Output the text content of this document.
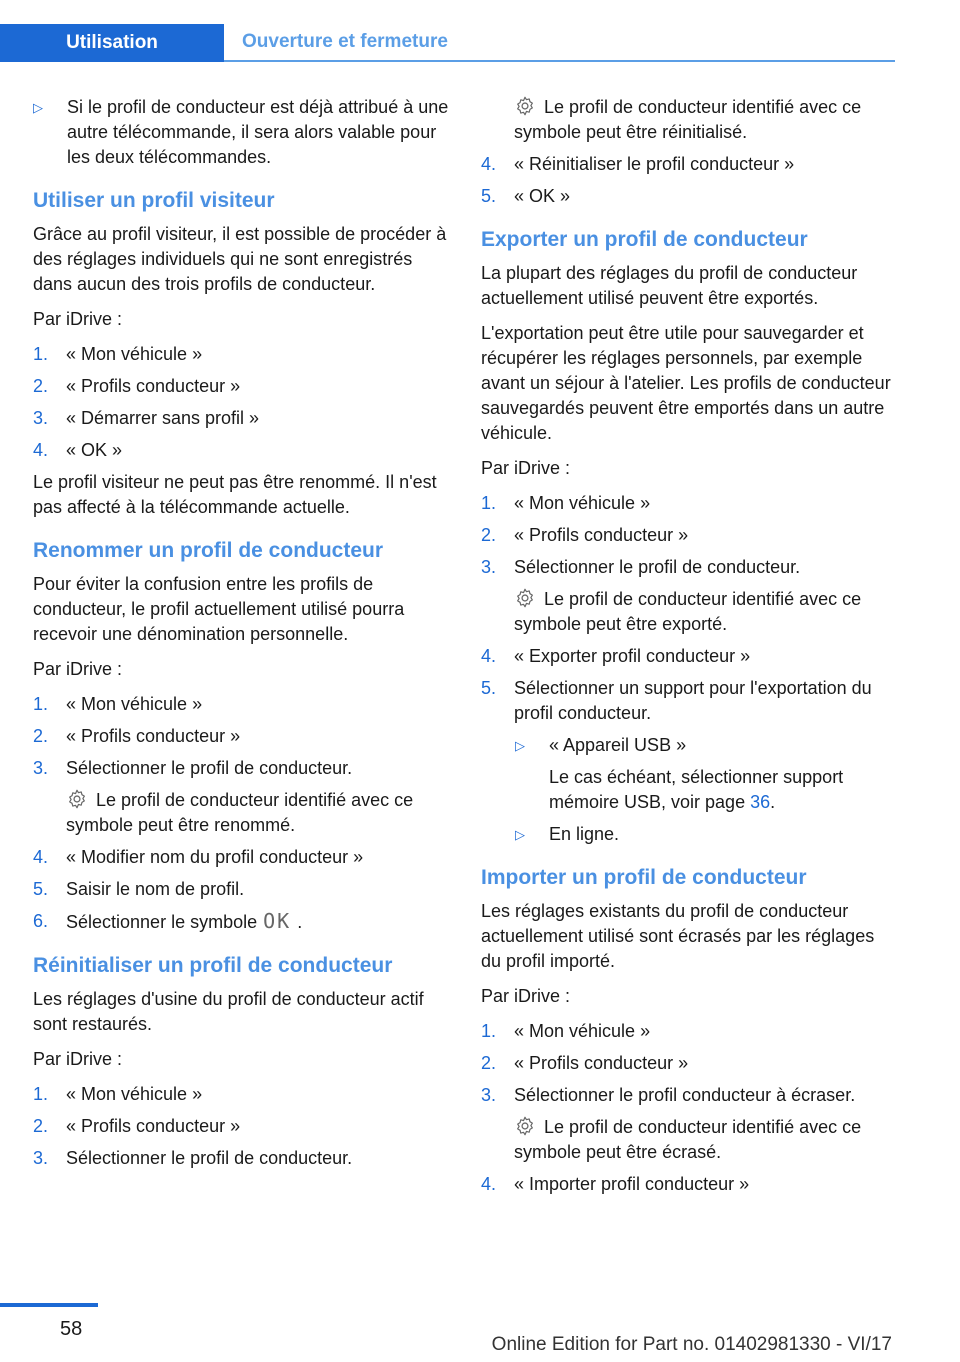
Utilisation	Ouverture et fermeture
▷	Si le profil de conducteur est déjà attribué à une autre télécommande, il sera alors valable pour les deux télécommandes.
Utiliser un profil visiteur

Grâce au profil visiteur, il est possible de procéder à des réglages individuels qui ne sont enregistrés dans aucun des trois profils de conducteur.

Par iDrive :

1. « Mon véhicule »
2. « Profils conducteur »
3. « Démarrer sans profil »
4. « OK »

Le profil visiteur ne peut pas être renommé. Il n'est pas affecté à la télécommande actuelle.

Renommer un profil de conducteur

Pour éviter la confusion entre les profils de conducteur, le profil actuellement utilisé pourra recevoir une dénomination personnelle.

Par iDrive :

1. « Mon véhicule »
2. « Profils conducteur »
3. Sélectionner le profil de conducteur.
Le profil de conducteur identifié avec ce symbole peut être renommé.
4. « Modifier nom du profil conducteur »
5. Saisir le nom de profil.
6. Sélectionner le symbole OK .
Réinitialiser un profil de conducteur

Les réglages d'usine du profil de conducteur actif sont restaurés.

Par iDrive :

1. « Mon véhicule »
2. « Profils conducteur »
3. Sélectionner le profil de conducteur.
Le profil de conducteur identifié avec ce symbole peut être réinitialisé.
4. « Réinitialiser le profil conducteur »
5. « OK »
Exporter un profil de conducteur

La plupart des réglages du profil de conducteur actuellement utilisé peuvent être exportés.

L'exportation peut être utile pour sauvegarder et récupérer les réglages personnels, par exemple avant un séjour à l'atelier. Les profils de conducteur sauvegardés peuvent être emportés dans un autre véhicule.

Par iDrive :

1. « Mon véhicule »
2. « Profils conducteur »
3. Sélectionner le profil de conducteur.
Le profil de conducteur identifié avec ce symbole peut être exporté.
4. « Exporter profil conducteur »
5. Sélectionner un support pour l'exportation du profil conducteur.
▷	« Appareil USB »
Le cas échéant, sélectionner support mémoire USB, voir page 36.
▷	En ligne.
Importer un profil de conducteur

Les réglages existants du profil de conducteur actuellement utilisé sont écrasés par les réglages du profil importé.

Par iDrive :

1. « Mon véhicule »
2. « Profils conducteur »
3. Sélectionner le profil conducteur à écraser.
Le profil de conducteur identifié avec ce symbole peut être écrasé.
4. « Importer profil conducteur »
58
Online Edition for Part no. 01402981330 - VI/17
